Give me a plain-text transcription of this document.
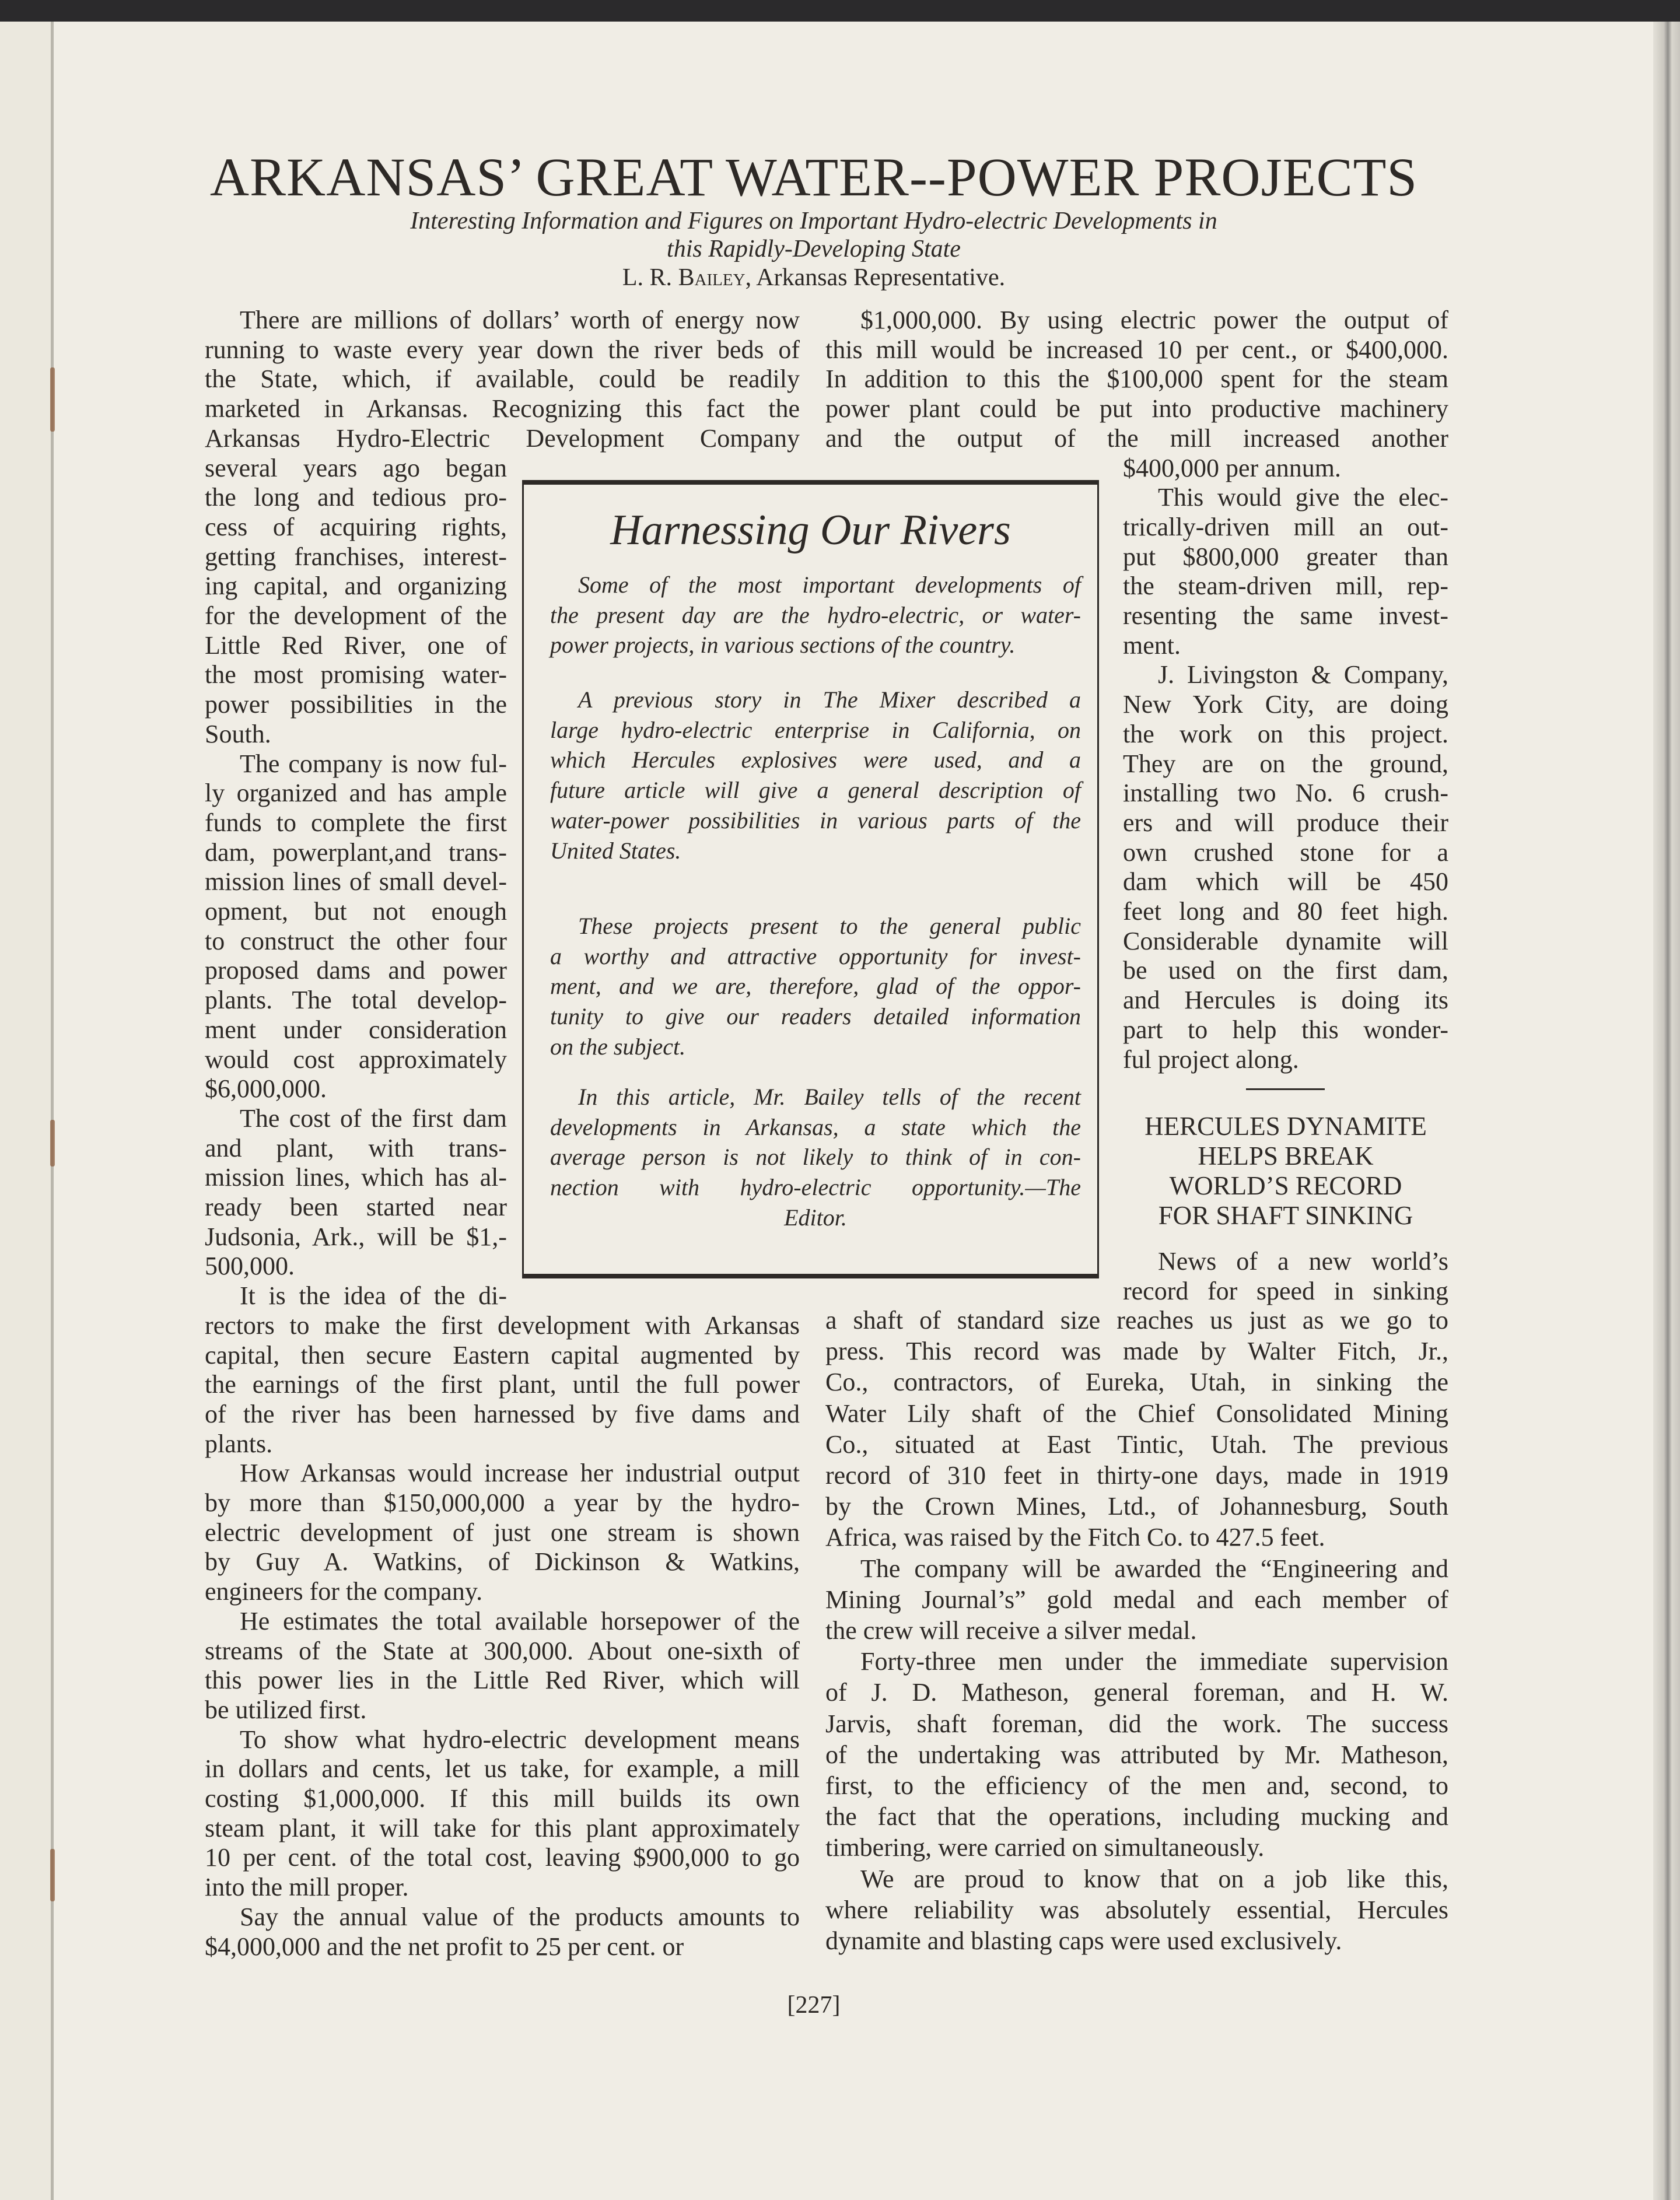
ARKANSAS’ GREAT WATER--POWER PROJECTS
Interesting Information and Figures on Important Hydro-electric Developments in
this Rapidly-Developing State
L. R. Bailey, Arkansas Representative.
There are millions of dollars’ worth of energy now
running to waste every year down the river beds of
the State, which, if available, could be readily
marketed in Arkansas. Recognizing this fact the
Arkansas Hydro-Electric Development Company
several years ago began
the long and tedious pro-
cess of acquiring rights,
getting franchises, interest-
ing capital, and organizing
for the development of the
Little Red River, one of
the most promising water-
power possibilities in the
South.
The company is now ful-
ly organized and has ample
funds to complete the first
dam, powerplant,and trans-
mission lines of small devel-
opment, but not enough
to construct the other four
proposed dams and power
plants. The total develop-
ment under consideration
would cost approximately
$6,000,000.
The cost of the first dam
and plant, with trans-
mission lines, which has al-
ready been started near
Judsonia, Ark., will be $1,-
500,000.
It is the idea of the di-
rectors to make the first development with Arkansas
capital, then secure Eastern capital augmented by
the earnings of the first plant, until the full power
of the river has been harnessed by five dams and
plants.
How Arkansas would increase her industrial output
by more than $150,000,000 a year by the hydro-
electric development of just one stream is shown
by Guy A. Watkins, of Dickinson & Watkins,
engineers for the company.
He estimates the total available horsepower of the
streams of the State at 300,000. About one-sixth of
this power lies in the Little Red River, which will
be utilized first.
To show what hydro-electric development means
in dollars and cents, let us take, for example, a mill
costing $1,000,000. If this mill builds its own
steam plant, it will take for this plant approximately
10 per cent. of the total cost, leaving $900,000 to go
into the mill proper.
Say the annual value of the products amounts to
$4,000,000 and the net profit to 25 per cent. or
$1,000,000. By using electric power the output of
this mill would be increased 10 per cent., or $400,000.
In addition to this the $100,000 spent for the steam
power plant could be put into productive machinery
and the output of the mill increased another
$400,000 per annum.
This would give the elec-
trically-driven mill an out-
put $800,000 greater than
the steam-driven mill, rep-
resenting the same invest-
ment.
J. Livingston & Company,
New York City, are doing
the work on this project.
They are on the ground,
installing two No. 6 crush-
ers and will produce their
own crushed stone for a
dam which will be 450
feet long and 80 feet high.
Considerable dynamite will
be used on the first dam,
and Hercules is doing its
part to help this wonder-
ful project along.
Harnessing Our Rivers
Some of the most important developments of
the present day are the hydro-electric, or water-
power projects, in various sections of the country.
A previous story in The Mixer described a
large hydro-electric enterprise in California, on
which Hercules explosives were used, and a
future article will give a general description of
water-power possibilities in various parts of the
United States.
These projects present to the general public
a worthy and attractive opportunity for invest-
ment, and we are, therefore, glad of the oppor-
tunity to give our readers detailed information
on the subject.
In this article, Mr. Bailey tells of the recent
developments in Arkansas, a state which the
average person is not likely to think of in con-
nection with hydro-electric opportunity.—The
Editor.
HERCULES DYNAMITE
HELPS BREAK
WORLD’S RECORD
FOR SHAFT SINKING
News of a new world’s
record for speed in sinking
a shaft of standard size reaches us just as we go to
press. This record was made by Walter Fitch, Jr.,
Co., contractors, of Eureka, Utah, in sinking the
Water Lily shaft of the Chief Consolidated Mining
Co., situated at East Tintic, Utah. The previous
record of 310 feet in thirty-one days, made in 1919
by the Crown Mines, Ltd., of Johannesburg, South
Africa, was raised by the Fitch Co. to 427.5 feet.
The company will be awarded the “Engineering and
Mining Journal’s” gold medal and each member of
the crew will receive a silver medal.
Forty-three men under the immediate supervision
of J. D. Matheson, general foreman, and H. W.
Jarvis, shaft foreman, did the work. The success
of the undertaking was attributed by Mr. Matheson,
first, to the efficiency of the men and, second, to
the fact that the operations, including mucking and
timbering, were carried on simultaneously.
We are proud to know that on a job like this,
where reliability was absolutely essential, Hercules
dynamite and blasting caps were used exclusively.
[227]
